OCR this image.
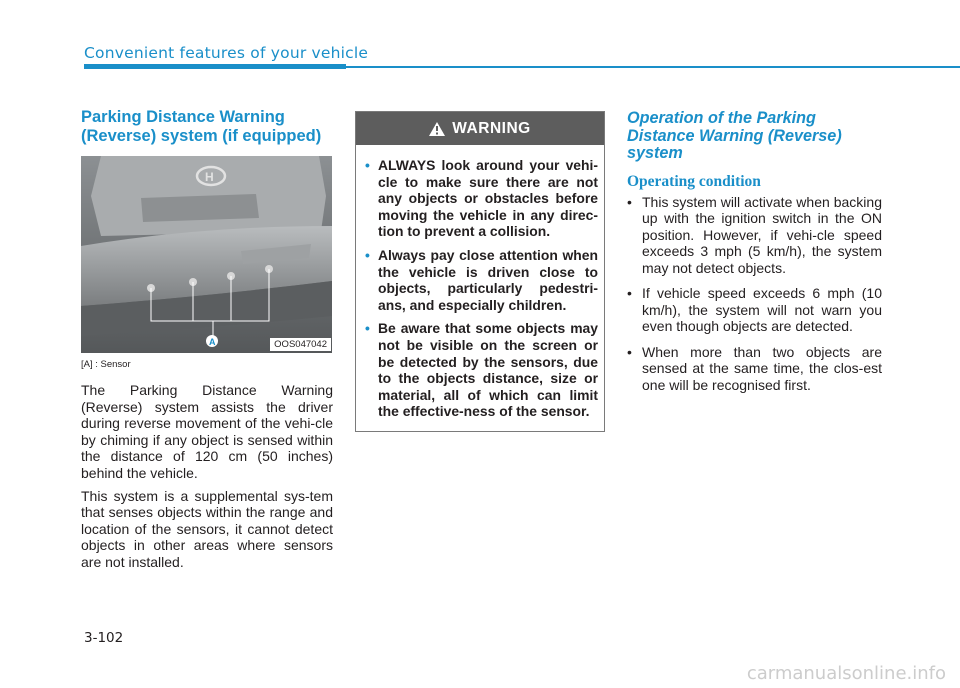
Convenient features of your vehicle
Parking Distance Warning
(Reverse) system (if equipped)
H
A	OOS047042
[A] : Sensor

The Parking Distance Warning (Reverse) system assists the driver during reverse movement of the vehi-cle by chiming if any object is sensed within the distance of 120 cm (50 inches) behind the vehicle.

This system is a supplemental sys-tem that senses objects within the range and location of the sensors, it cannot detect objects in other areas where sensors are not installed.

WARNING
• ALWAYS look around your vehi-cle to make sure there are not any objects or obstacles before moving the vehicle in any direc-tion to prevent a collision.
• Always pay close attention when the vehicle is driven close to objects, particularly pedestri-ans, and especially children.
• Be aware that some objects may not be visible on the screen or be detected by the sensors, due to the objects distance, size or material, all of which can limit the effective-ness of the sensor.
Operation of the Parking Distance Warning (Reverse) system
Operating condition
• This system will activate when backing up with the ignition switch in the ON position. However, if vehi-cle speed exceeds 3 mph (5 km/h), the system may not detect objects.
• If vehicle speed exceeds 6 mph (10 km/h), the system will not warn you even though objects are detected.
• When more than two objects are sensed at the same time, the clos-est one will be recognised first.
3-102
carmanualsonline.info
